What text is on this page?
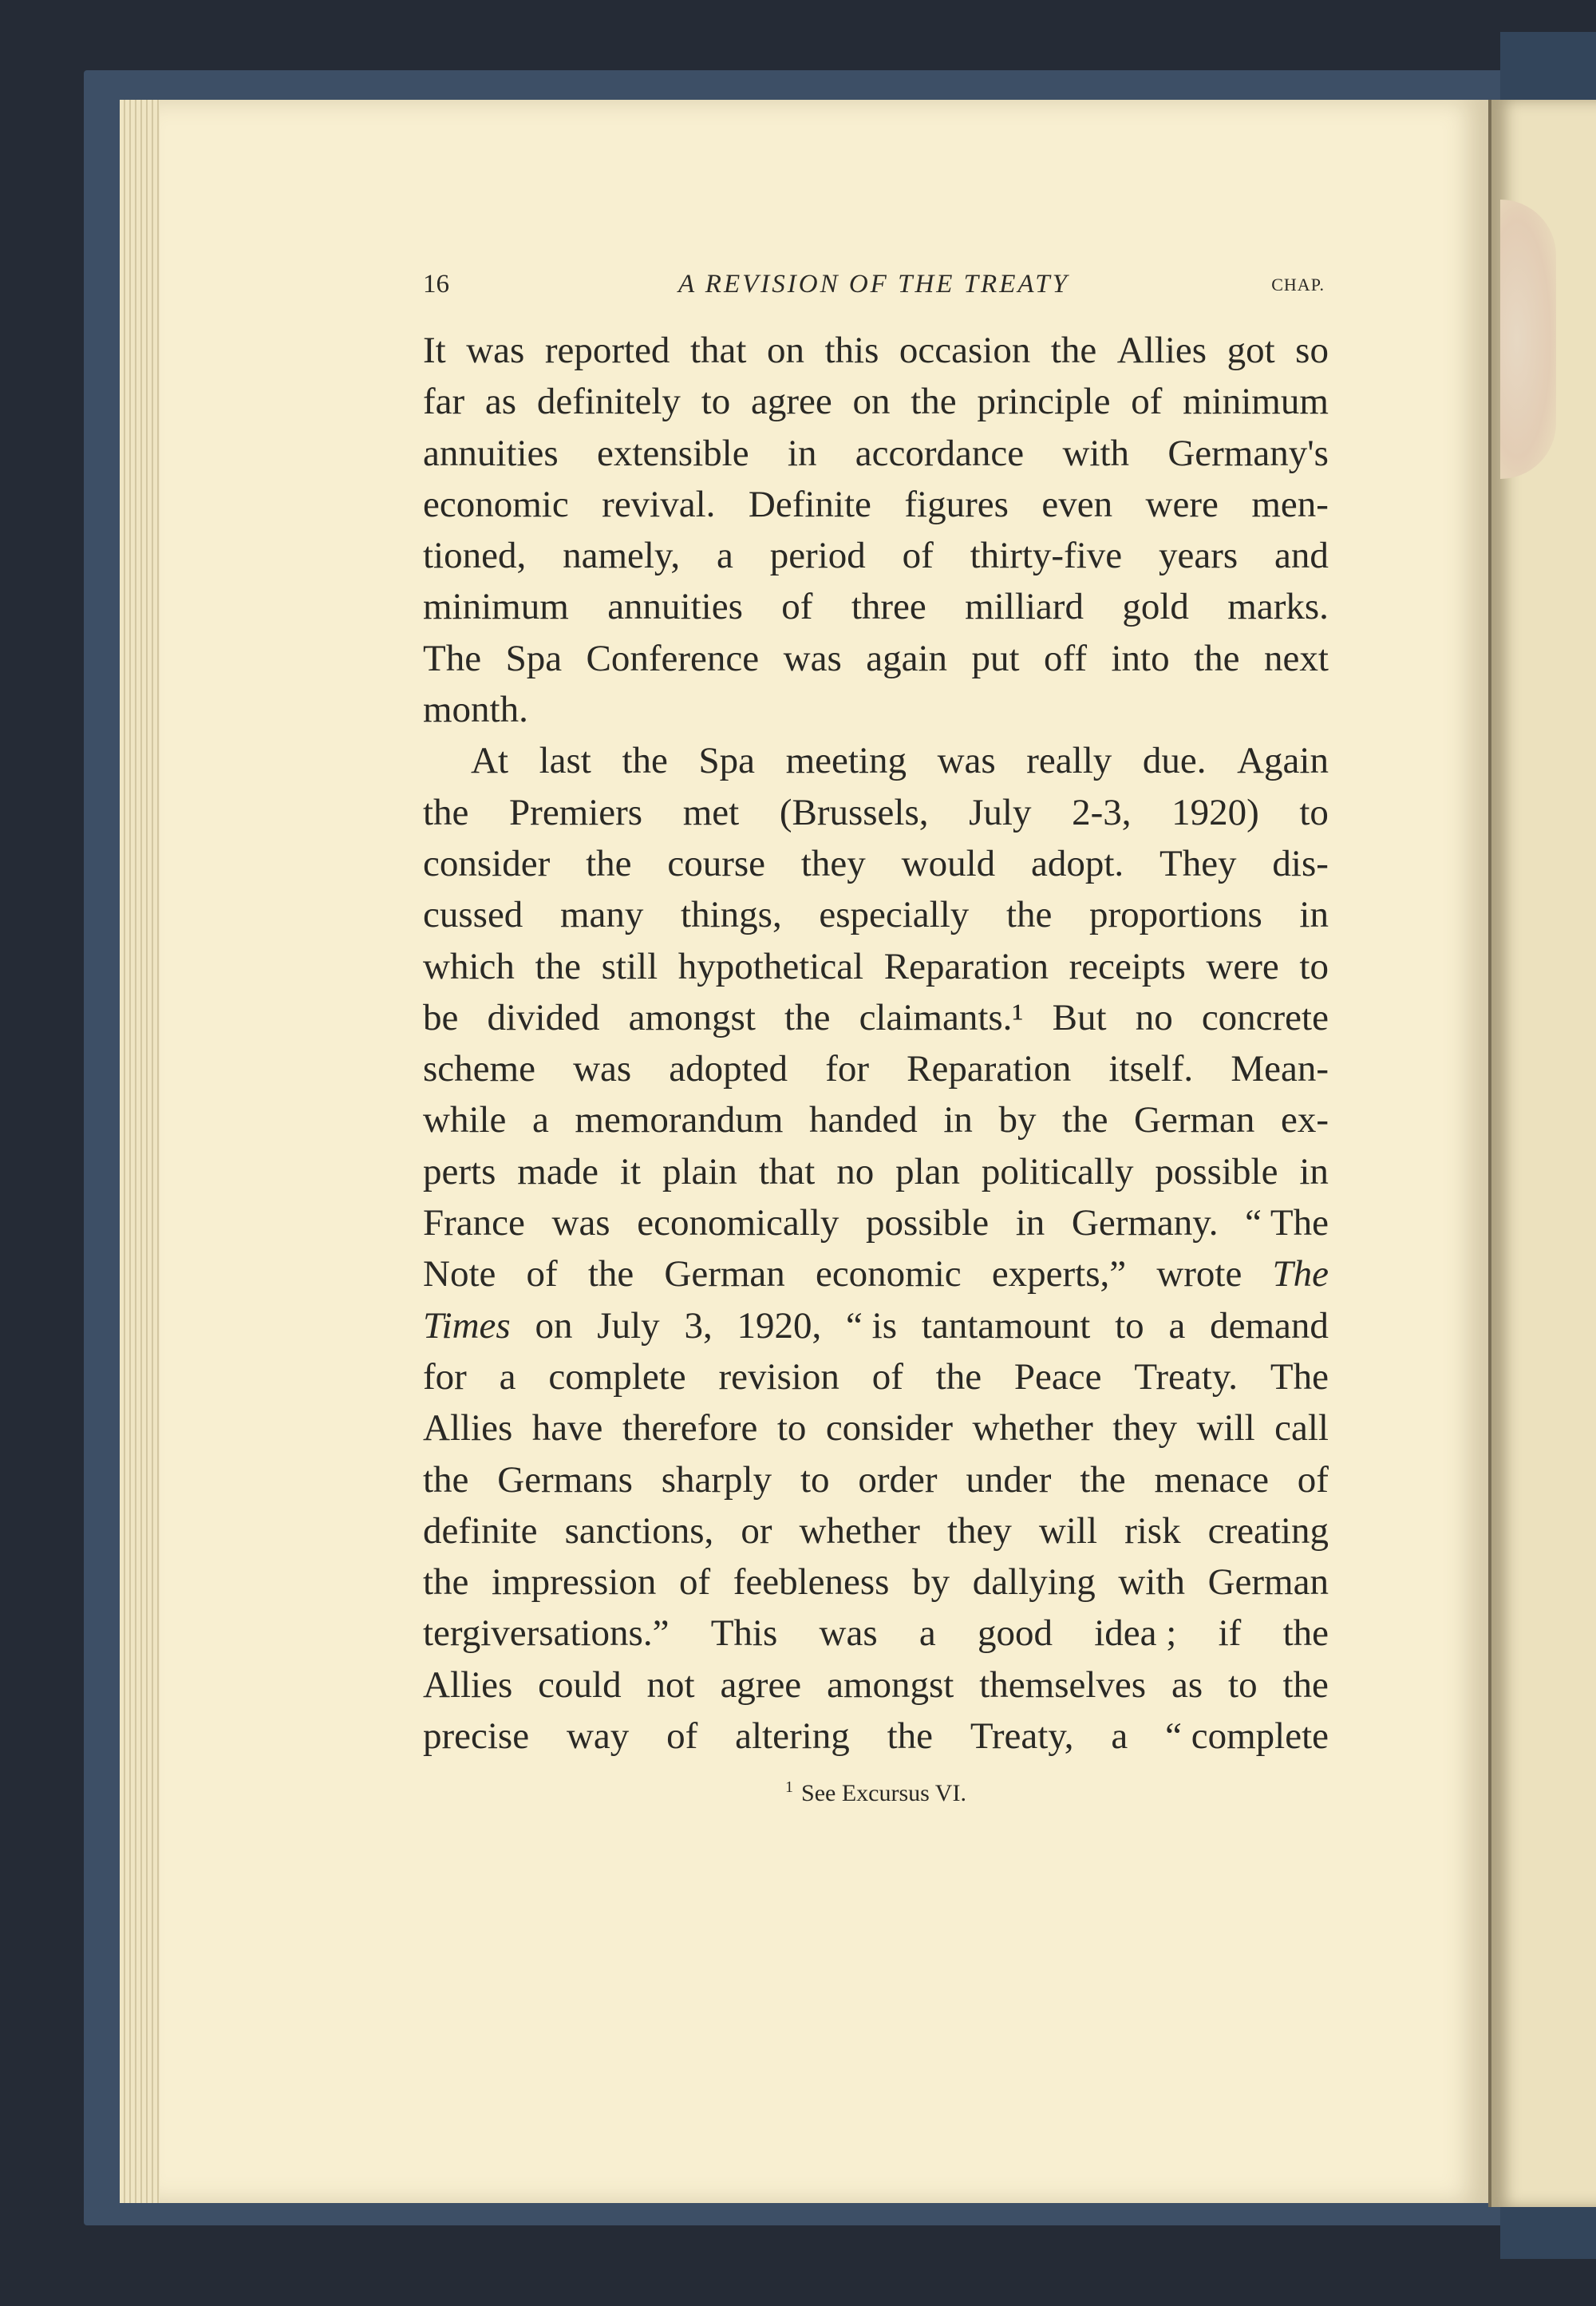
16	A REVISION OF THE TREATY	CHAP.
It was reported that on this occasion the Allies got so
far as definitely to agree on the principle of minimum
annuities extensible in accordance with Germany's
economic revival. Definite figures even were men-
tioned, namely, a period of thirty-five years and
minimum annuities of three milliard gold marks.
The Spa Conference was again put off into the next
month.
At last the Spa meeting was really due. Again
the Premiers met (Brussels, July 2-3, 1920) to
consider the course they would adopt. They dis-
cussed many things, especially the proportions in
which the still hypothetical Reparation receipts were to
be divided amongst the claimants.¹ But no concrete
scheme was adopted for Reparation itself. Mean-
while a memorandum handed in by the German ex-
perts made it plain that no plan politically possible in
France was economically possible in Germany. “ The
Note of the German economic experts,” wrote The
Times on July 3, 1920, “ is tantamount to a demand
for a complete revision of the Peace Treaty. The
Allies have therefore to consider whether they will call
the Germans sharply to order under the menace of
definite sanctions, or whether they will risk creating
the impression of feebleness by dallying with German
tergiversations.” This was a good idea ; if the
Allies could not agree amongst themselves as to the
precise way of altering the Treaty, a “ complete
$^1$ See Excursus VI.
